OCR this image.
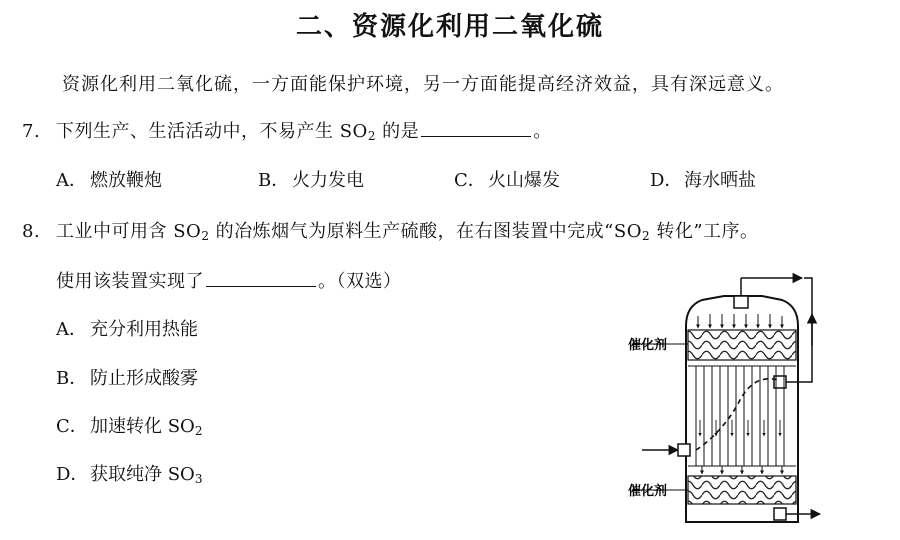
二、资源化利用二氧化硫
资源化利用二氧化硫，一方面能保护环境，另一方面能提高经济效益，具有深远意义。
7. 下列生产、生活活动中，不易产生 $SO_2$ 的是	。
A． 燃放鞭炮	B． 火力发电	C． 火山爆发	D．海水晒盐
8. 工业中可用含 $SO_2$ 的冶炼烟气为原料生产硫酸，在右图装置中完成“$SO_2$ 转化”工序。
使用该装置实现了	。（双选）
A． 充分利用热能
B． 防止形成酸雾
C． 加速转化 $SO_2$
D．获取纯净 $SO_3$
催化剂
催化剂
